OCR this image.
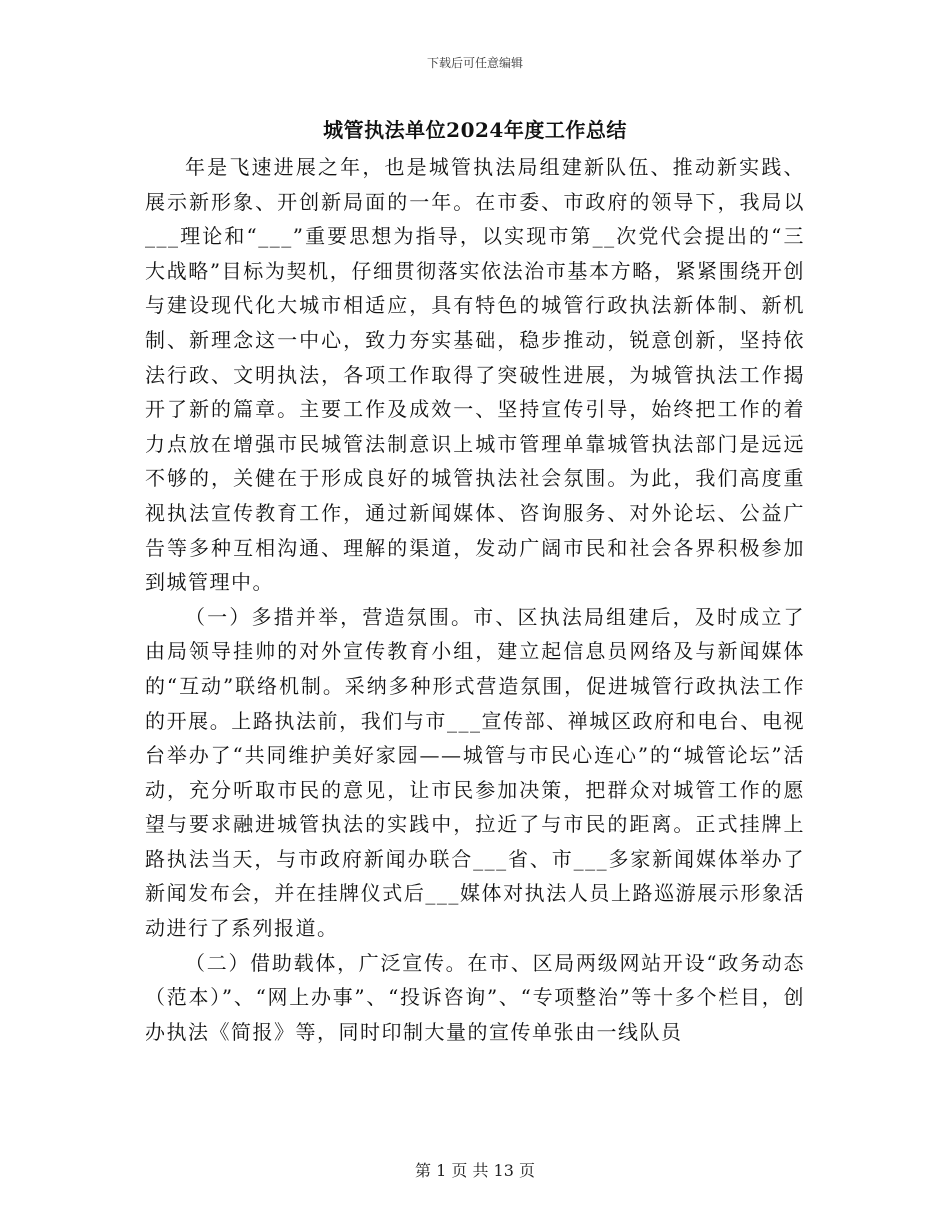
下载后可任意编辑
城管执法单位2024年度工作总结

年是飞速进展之年，也是城管执法局组建新队伍、推动新实践、展示新形象、开创新局面的一年。在市委、市政府的领导下，我局以___理论和“___”重要思想为指导，以实现市第__次党代会提出的“三大战略”目标为契机，仔细贯彻落实依法治市基本方略，紧紧围绕开创与建设现代化大城市相适应，具有特色的城管行政执法新体制、新机制、新理念这一中心，致力夯实基础，稳步推动，锐意创新，坚持依法行政、文明执法，各项工作取得了突破性进展，为城管执法工作揭开了新的篇章。主要工作及成效一、坚持宣传引导，始终把工作的着力点放在增强市民城管法制意识上城市管理单靠城管执法部门是远远不够的，关健在于形成良好的城管执法社会氛围。为此，我们高度重视执法宣传教育工作，通过新闻媒体、咨询服务、对外论坛、公益广告等多种互相沟通、理解的渠道，发动广阔市民和社会各界积极参加到城管理中。

（一）多措并举，营造氛围。市、区执法局组建后，及时成立了由局领导挂帅的对外宣传教育小组，建立起信息员网络及与新闻媒体的“互动”联络机制。采纳多种形式营造氛围，促进城管行政执法工作的开展。上路执法前，我们与市___宣传部、禅城区政府和电台、电视台举办了“共同维护美好家园——城管与市民心连心”的“城管论坛”活动，充分听取市民的意见，让市民参加决策，把群众对城管工作的愿望与要求融进城管执法的实践中，拉近了与市民的距离。正式挂牌上路执法当天，与市政府新闻办联合___省、市___多家新闻媒体举办了新闻发布会，并在挂牌仪式后___媒体对执法人员上路巡游展示形象活动进行了系列报道。

（二）借助载体，广泛宣传。在市、区局两级网站开设“政务动态（范本）”、“网上办事”、“投诉咨询”、“专项整治”等十多个栏目，创办执法《简报》等，同时印制大量的宣传单张由一线队员

第 1 页 共 13 页
